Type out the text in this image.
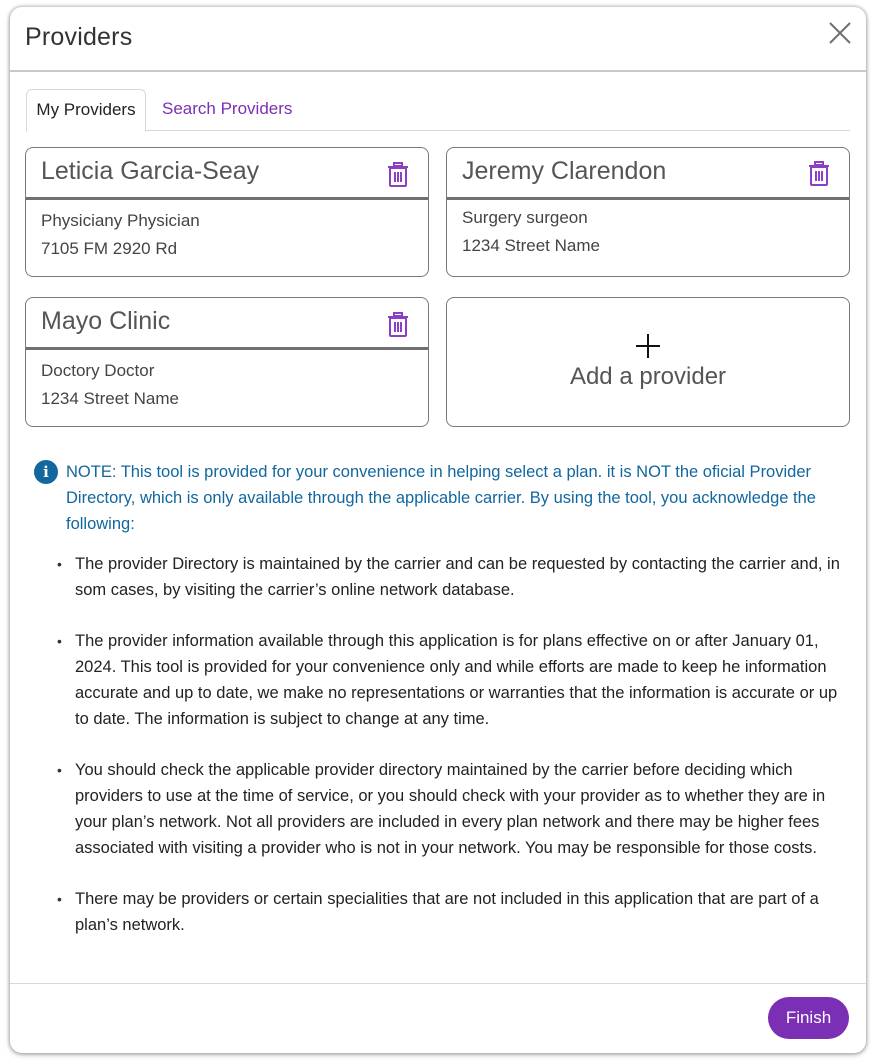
Providers
My Providers	Search Providers
Leticia Garcia-Seay
Physiciany Physician
7105 FM 2920 Rd
Jeremy Clarendon
Surgery surgeon
1234 Street Name
Mayo Clinic
Doctory Doctor
1234 Street Name
Add a provider
i	NOTE: This tool is provided for your convenience in helping select a plan. it is NOT the oficial Provider Directory, which is only available through the applicable carrier. By using the tool, you acknowledge the following:
• The provider Directory is maintained by the carrier and can be requested by contacting the carrier and, in som cases, by visiting the carrier’s online network database.
• The provider information available through this application is for plans effective on or after January 01, 2024. This tool is provided for your convenience only and while efforts are made to keep he information accurate and up to date, we make no representations or warranties that the information is accurate or up to date. The information is subject to change at any time.
• You should check the applicable provider directory maintained by the carrier before deciding which providers to use at the time of service, or you should check with your provider as to whether they are in your plan’s network. Not all providers are included in every plan network and there may be higher fees associated with visiting a provider who is not in your network. You may be responsible for those costs.
• There may be providers or certain specialities that are not included in this application that are part of a plan’s network.
Finish
